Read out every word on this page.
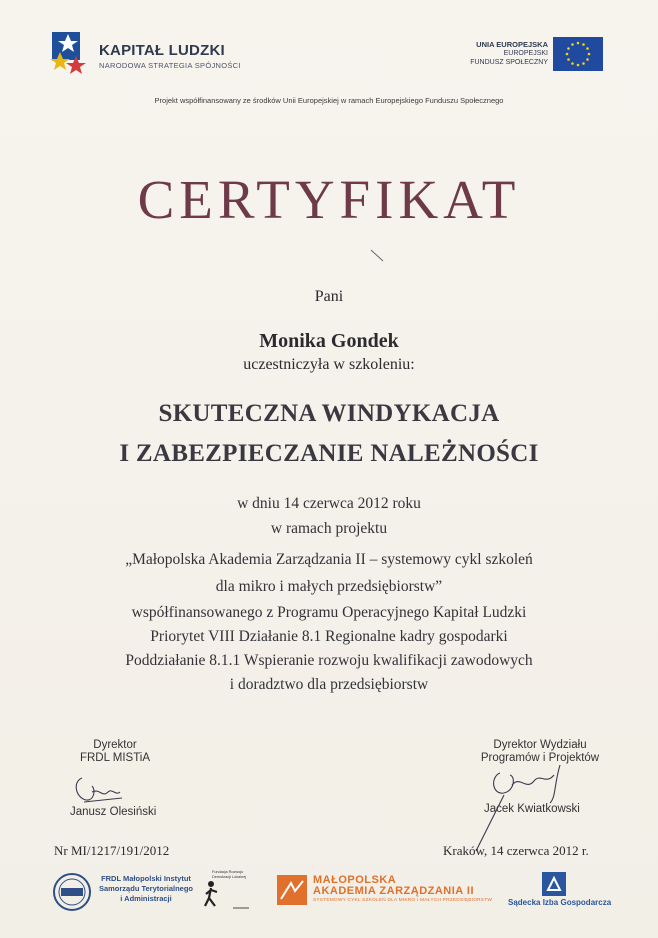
KAPITAŁ LUDZKI
NARODOWA STRATEGIA SPÓJNOŚCI
UNIA EUROPEJSKA
EUROPEJSKI
FUNDUSZ SPOŁECZNY
Projekt współfinansowany ze środków Unii Europejskiej w ramach Europejskiego Funduszu Społecznego
CERTYFIKAT
Pani
Monika Gondek
uczestniczyła w szkoleniu:
SKUTECZNA WINDYKACJA
I ZABEZPIECZANIE NALEŻNOŚCI
w dniu 14 czerwca 2012 roku
w ramach projektu
„Małopolska Akademia Zarządzania II – systemowy cykl szkoleń
dla mikro i małych przedsiębiorstw”
współfinansowanego z Programu Operacyjnego Kapitał Ludzki
Priorytet VIII Działanie 8.1 Regionalne kadry gospodarki
Poddziałanie 8.1.1 Wspieranie rozwoju kwalifikacji zawodowych
i doradztwo dla przedsiębiorstw
Dyrektor
FRDL MISTiA
Janusz Olesiński
Dyrektor Wydziału
Programów i Projektów
Jacek Kwiatkowski
Nr MI/1217/191/2012	Kraków, 14 czerwca 2012 r.
FRDL Małopolski Instytut
Samorządu Terytorialnego
i Administracji
Fundacja Rozwoju
Demokracji Lokalnej	MAŁOPOLSKA
AKADEMIA ZARZĄDZANIA II
SYSTEMOWY CYKL SZKOLEŃ DLA MIKRO I MAŁYCH PRZEDSIĘBIORSTW Sądecka Izba Gospodarcza
